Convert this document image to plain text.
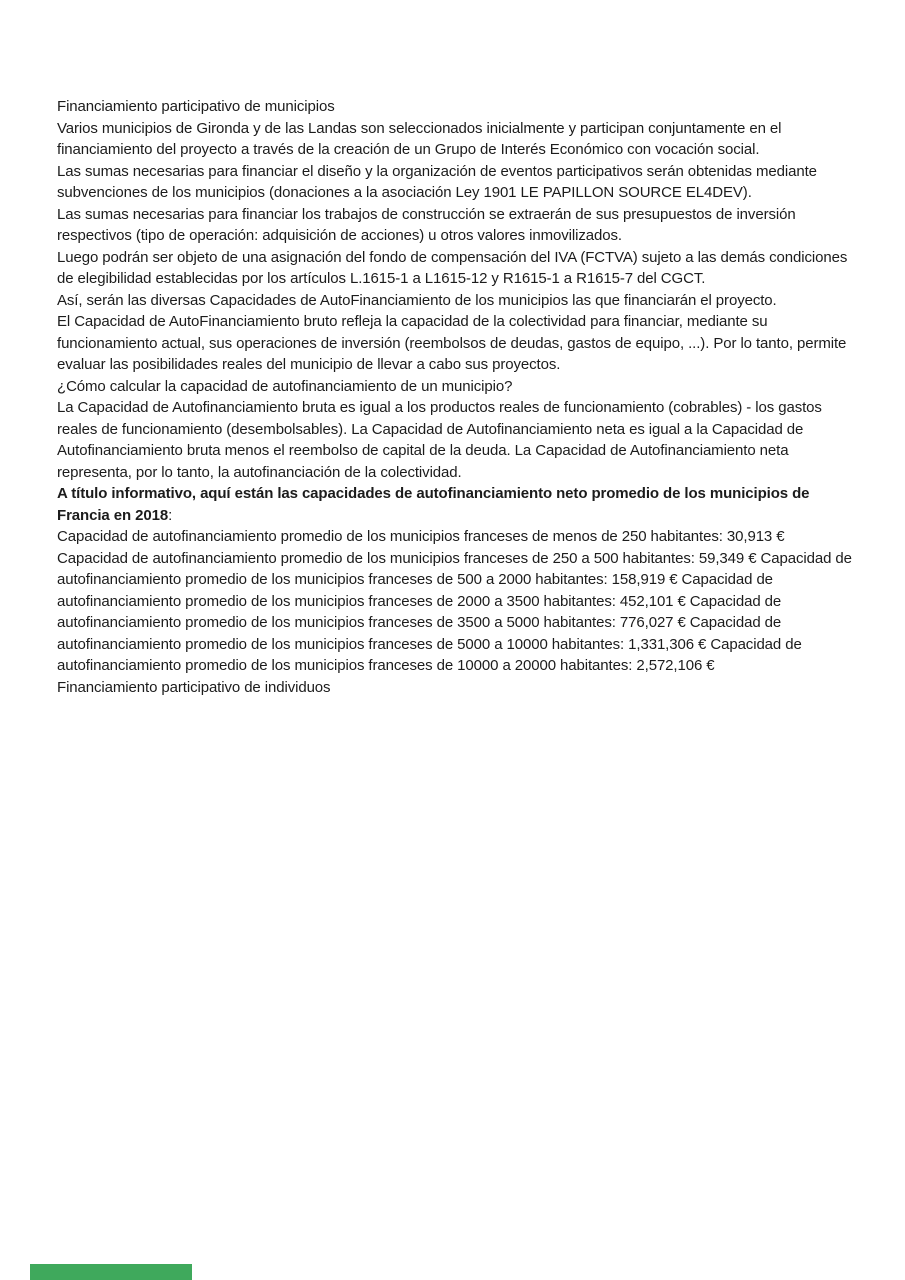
Financiamiento participativo de municipios

Varios municipios de Gironda y de las Landas son seleccionados inicialmente y participan conjuntamente en el financiamiento del proyecto a través de la creación de un Grupo de Interés Económico con vocación social.

Las sumas necesarias para financiar el diseño y la organización de eventos participativos serán obtenidas mediante subvenciones de los municipios (donaciones a la asociación Ley 1901 LE PAPILLON SOURCE EL4DEV).

Las sumas necesarias para financiar los trabajos de construcción se extraerán de sus presupuestos de inversión respectivos (tipo de operación: adquisición de acciones) u otros valores inmovilizados.

Luego podrán ser objeto de una asignación del fondo de compensación del IVA (FCTVA) sujeto a las demás condiciones de elegibilidad establecidas por los artículos L.1615-1 a L1615-12 y R1615-1 a R1615-7 del CGCT.

Así, serán las diversas Capacidades de AutoFinanciamiento de los municipios las que financiarán el proyecto.

El Capacidad de AutoFinanciamiento bruto refleja la capacidad de la colectividad para financiar, mediante su funcionamiento actual, sus operaciones de inversión (reembolsos de deudas, gastos de equipo, ...). Por lo tanto, permite evaluar las posibilidades reales del municipio de llevar a cabo sus proyectos.

¿Cómo calcular la capacidad de autofinanciamiento de un municipio?

La Capacidad de Autofinanciamiento bruta es igual a los productos reales de funcionamiento (cobrables) - los gastos reales de funcionamiento (desembolsables). La Capacidad de Autofinanciamiento neta es igual a la Capacidad de Autofinanciamiento bruta menos el reembolso de capital de la deuda. La Capacidad de Autofinanciamiento neta representa, por lo tanto, la autofinanciación de la colectividad.

A título informativo, aquí están las capacidades de autofinanciamiento neto promedio de los municipios de Francia en 2018:

Capacidad de autofinanciamiento promedio de los municipios franceses de menos de 250 habitantes: 30,913 € Capacidad de autofinanciamiento promedio de los municipios franceses de 250 a 500 habitantes: 59,349 € Capacidad de autofinanciamiento promedio de los municipios franceses de 500 a 2000 habitantes: 158,919 € Capacidad de autofinanciamiento promedio de los municipios franceses de 2000 a 3500 habitantes: 452,101 € Capacidad de autofinanciamiento promedio de los municipios franceses de 3500 a 5000 habitantes: 776,027 € Capacidad de autofinanciamiento promedio de los municipios franceses de 5000 a 10000 habitantes: 1,331,306 € Capacidad de autofinanciamiento promedio de los municipios franceses de 10000 a 20000 habitantes: 2,572,106 €

Financiamiento participativo de individuos
